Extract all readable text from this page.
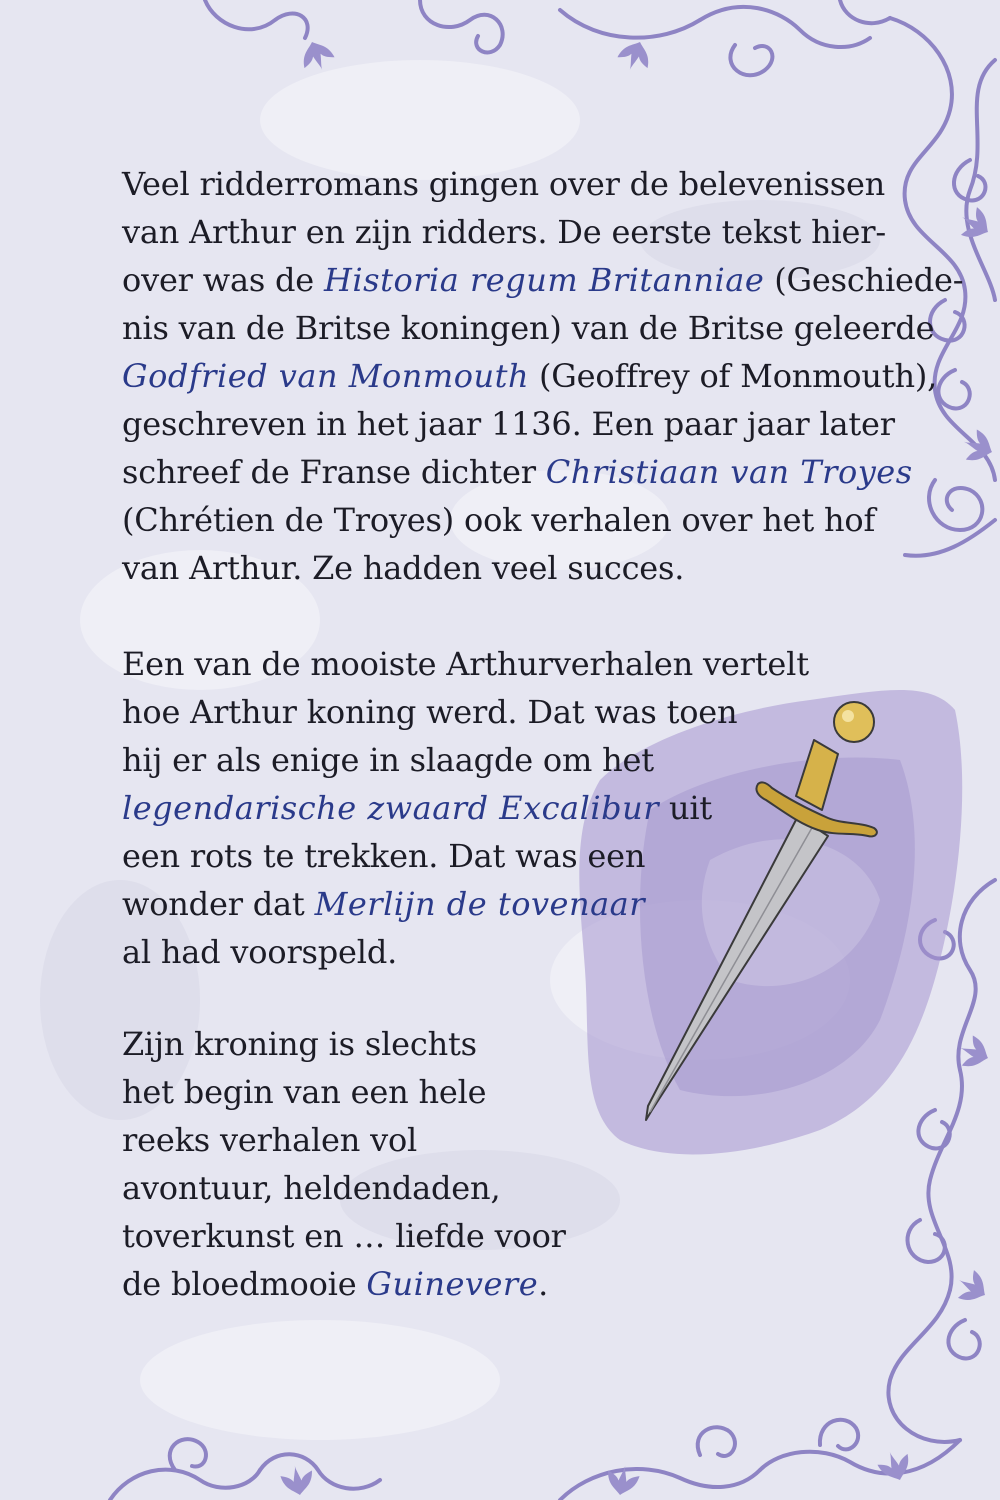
Veel ridderromans gingen over de belevenissen
van Arthur en zijn ridders. De eerste tekst hier-
over was de Historia regum Britanniae (Geschiede-
nis van de Britse koningen) van de Britse geleerde
Godfried van Monmouth (Geoffrey of Monmouth),
geschreven in het jaar 1136. Een paar jaar later
schreef de Franse dichter Christiaan van Troyes
(Chrétien de Troyes) ook verhalen over het hof
van Arthur. Ze hadden veel succes.

Een van de mooiste Arthurverhalen vertelt
hoe Arthur koning werd. Dat was toen
hij er als enige in slaagde om het
legendarische zwaard Excalibur uit
een rots te trekken. Dat was een
wonder dat Merlijn de tovenaar
al had voorspeld.

Zijn kroning is slechts
het begin van een hele
reeks verhalen vol
avontuur, heldendaden,
toverkunst en … liefde voor
de bloedmooie Guinevere.
